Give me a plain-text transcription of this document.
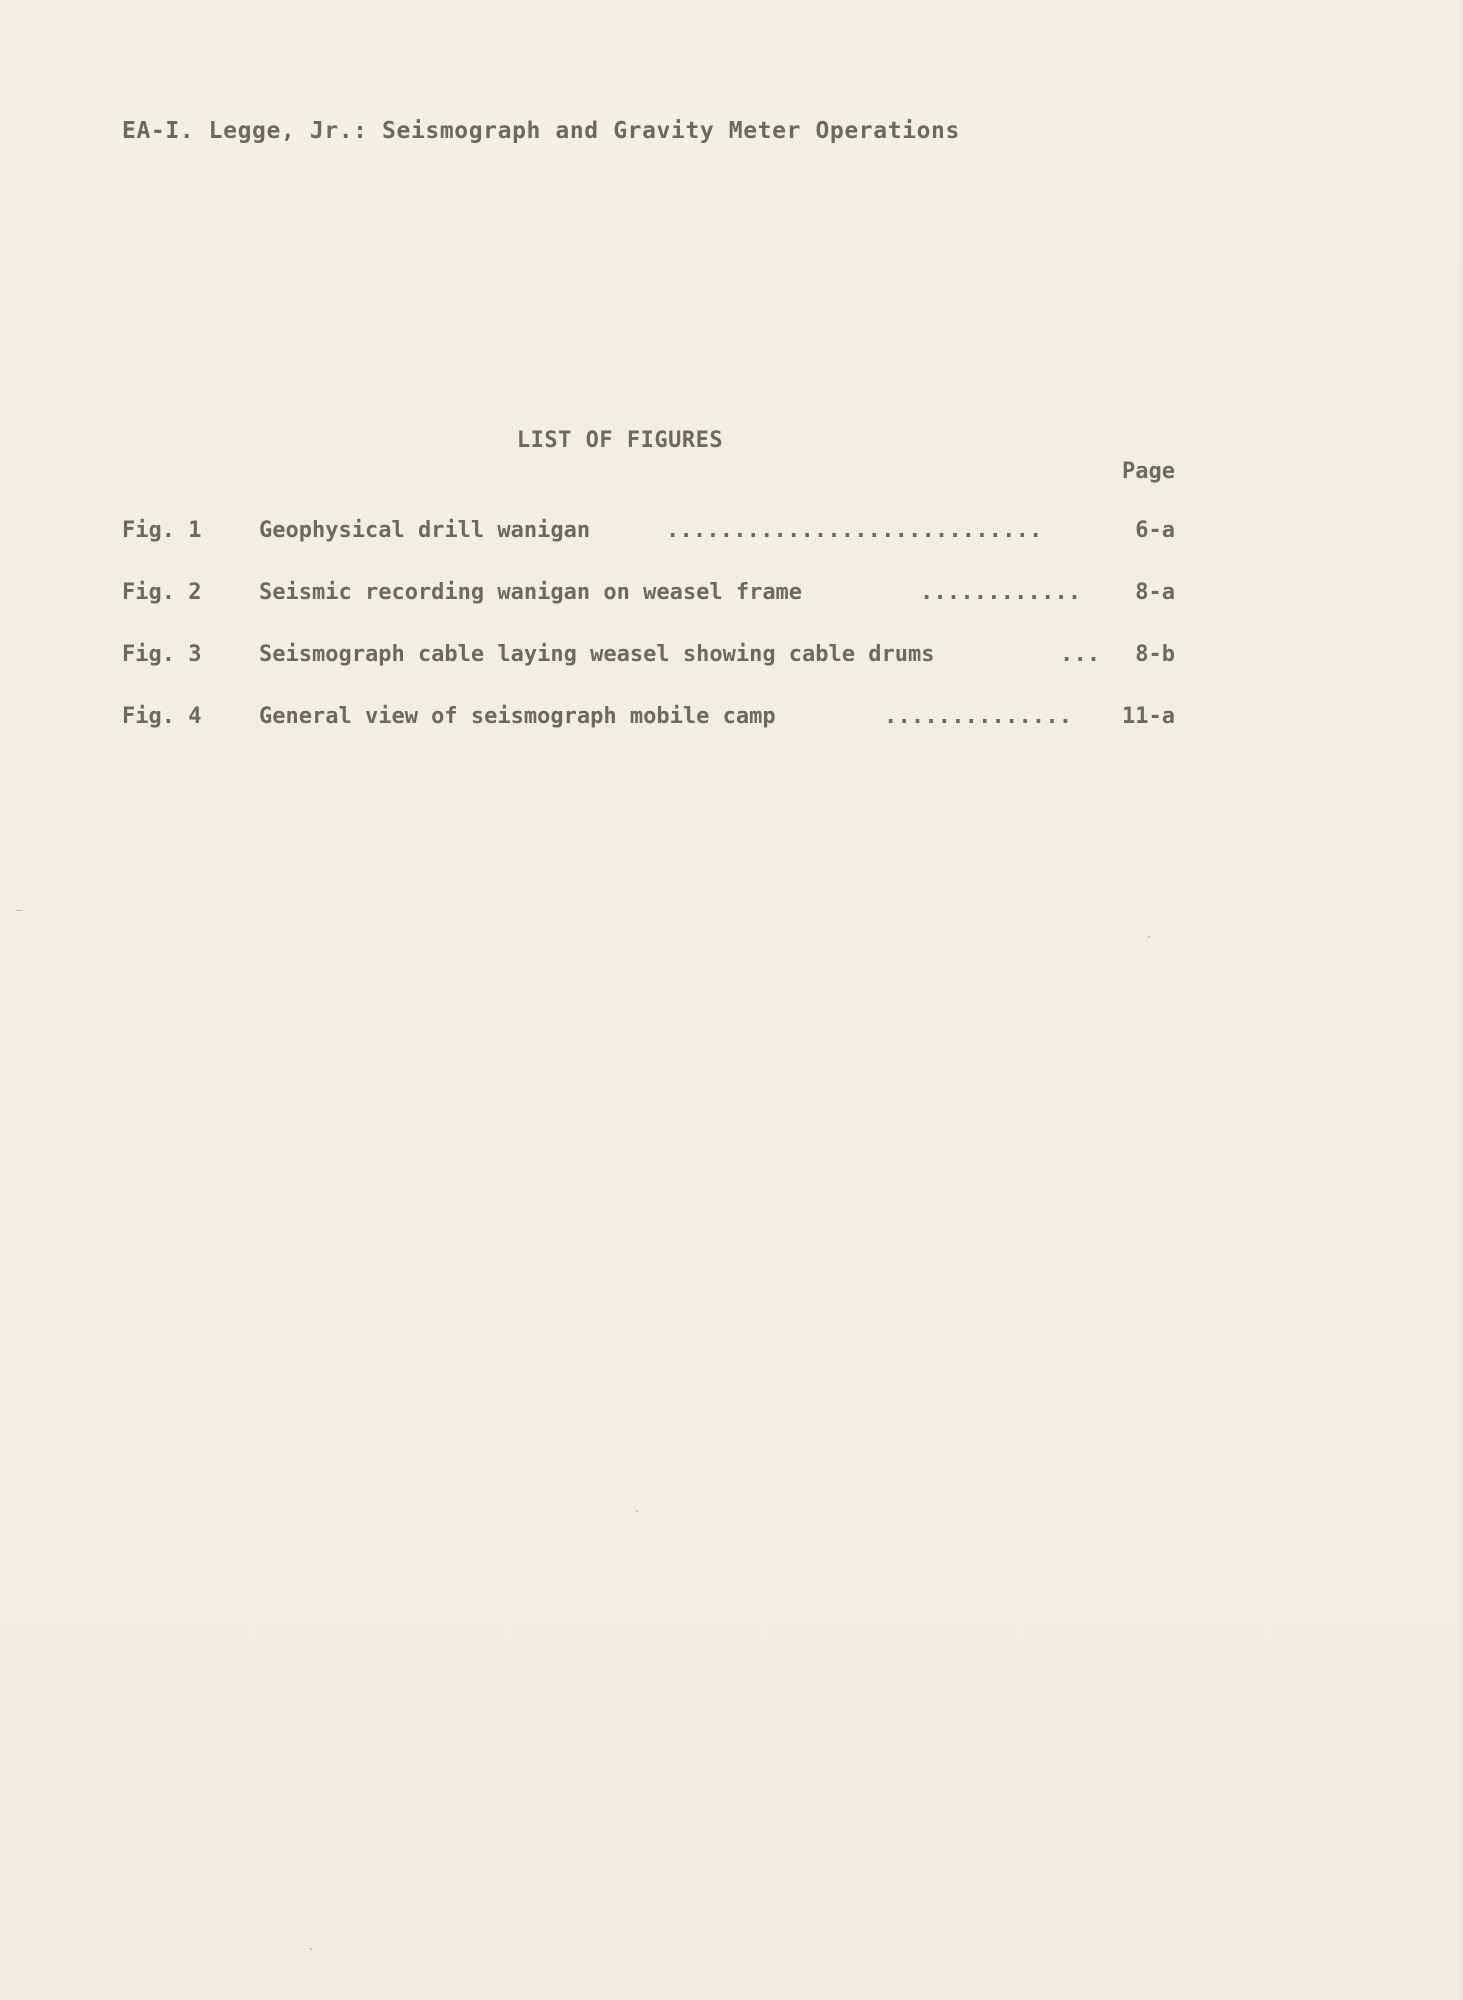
EA-I. Legge, Jr.: Seismograph and Gravity Meter Operations
LIST OF FIGURES
Page
Fig. 1	Geophysical drill wanigan	............................	6-a
Fig. 2	Seismic recording wanigan on weasel frame	............ 8-a
Fig. 3	Seismograph cable laying weasel showing cable drums	... 8-b
Fig. 4	General view of seismograph mobile camp	.............. 11-a
